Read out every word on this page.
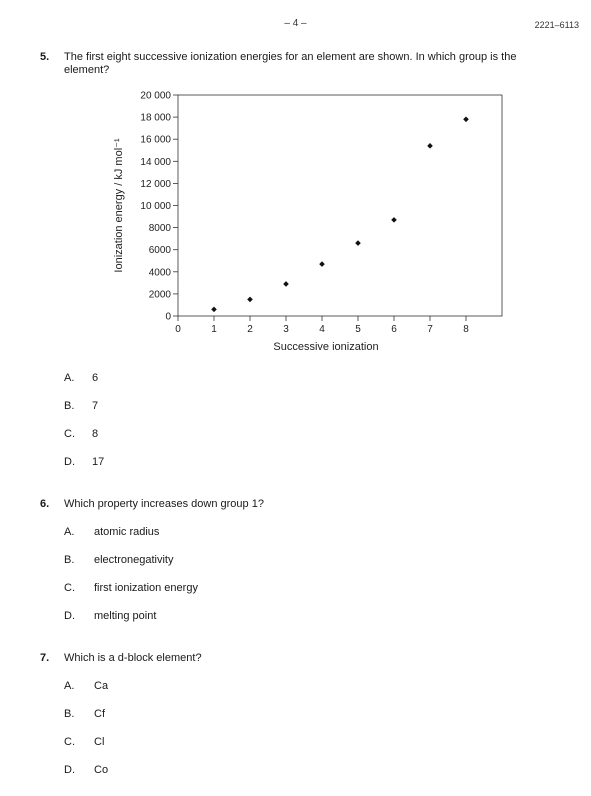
– 4 –	2221–6113
5. The first eight successive ionization energies for an element are shown. In which group is the element?
0
2000
4000
6000
8000
10 000
12 000
14 000
16 000
18 000
20 000
0	1	2	3	4	5	6	7	8
Successive ionization
Ionization energy / kJ mol⁻¹
A. 6
B. 7
C. 8
D. 17
6. Which property increases down group 1?
A. atomic radius
B. electronegativity
C. first ionization energy
D. melting point
7. Which is a d-block element?
A. Ca
B. Cf
C. Cl
D. Co
